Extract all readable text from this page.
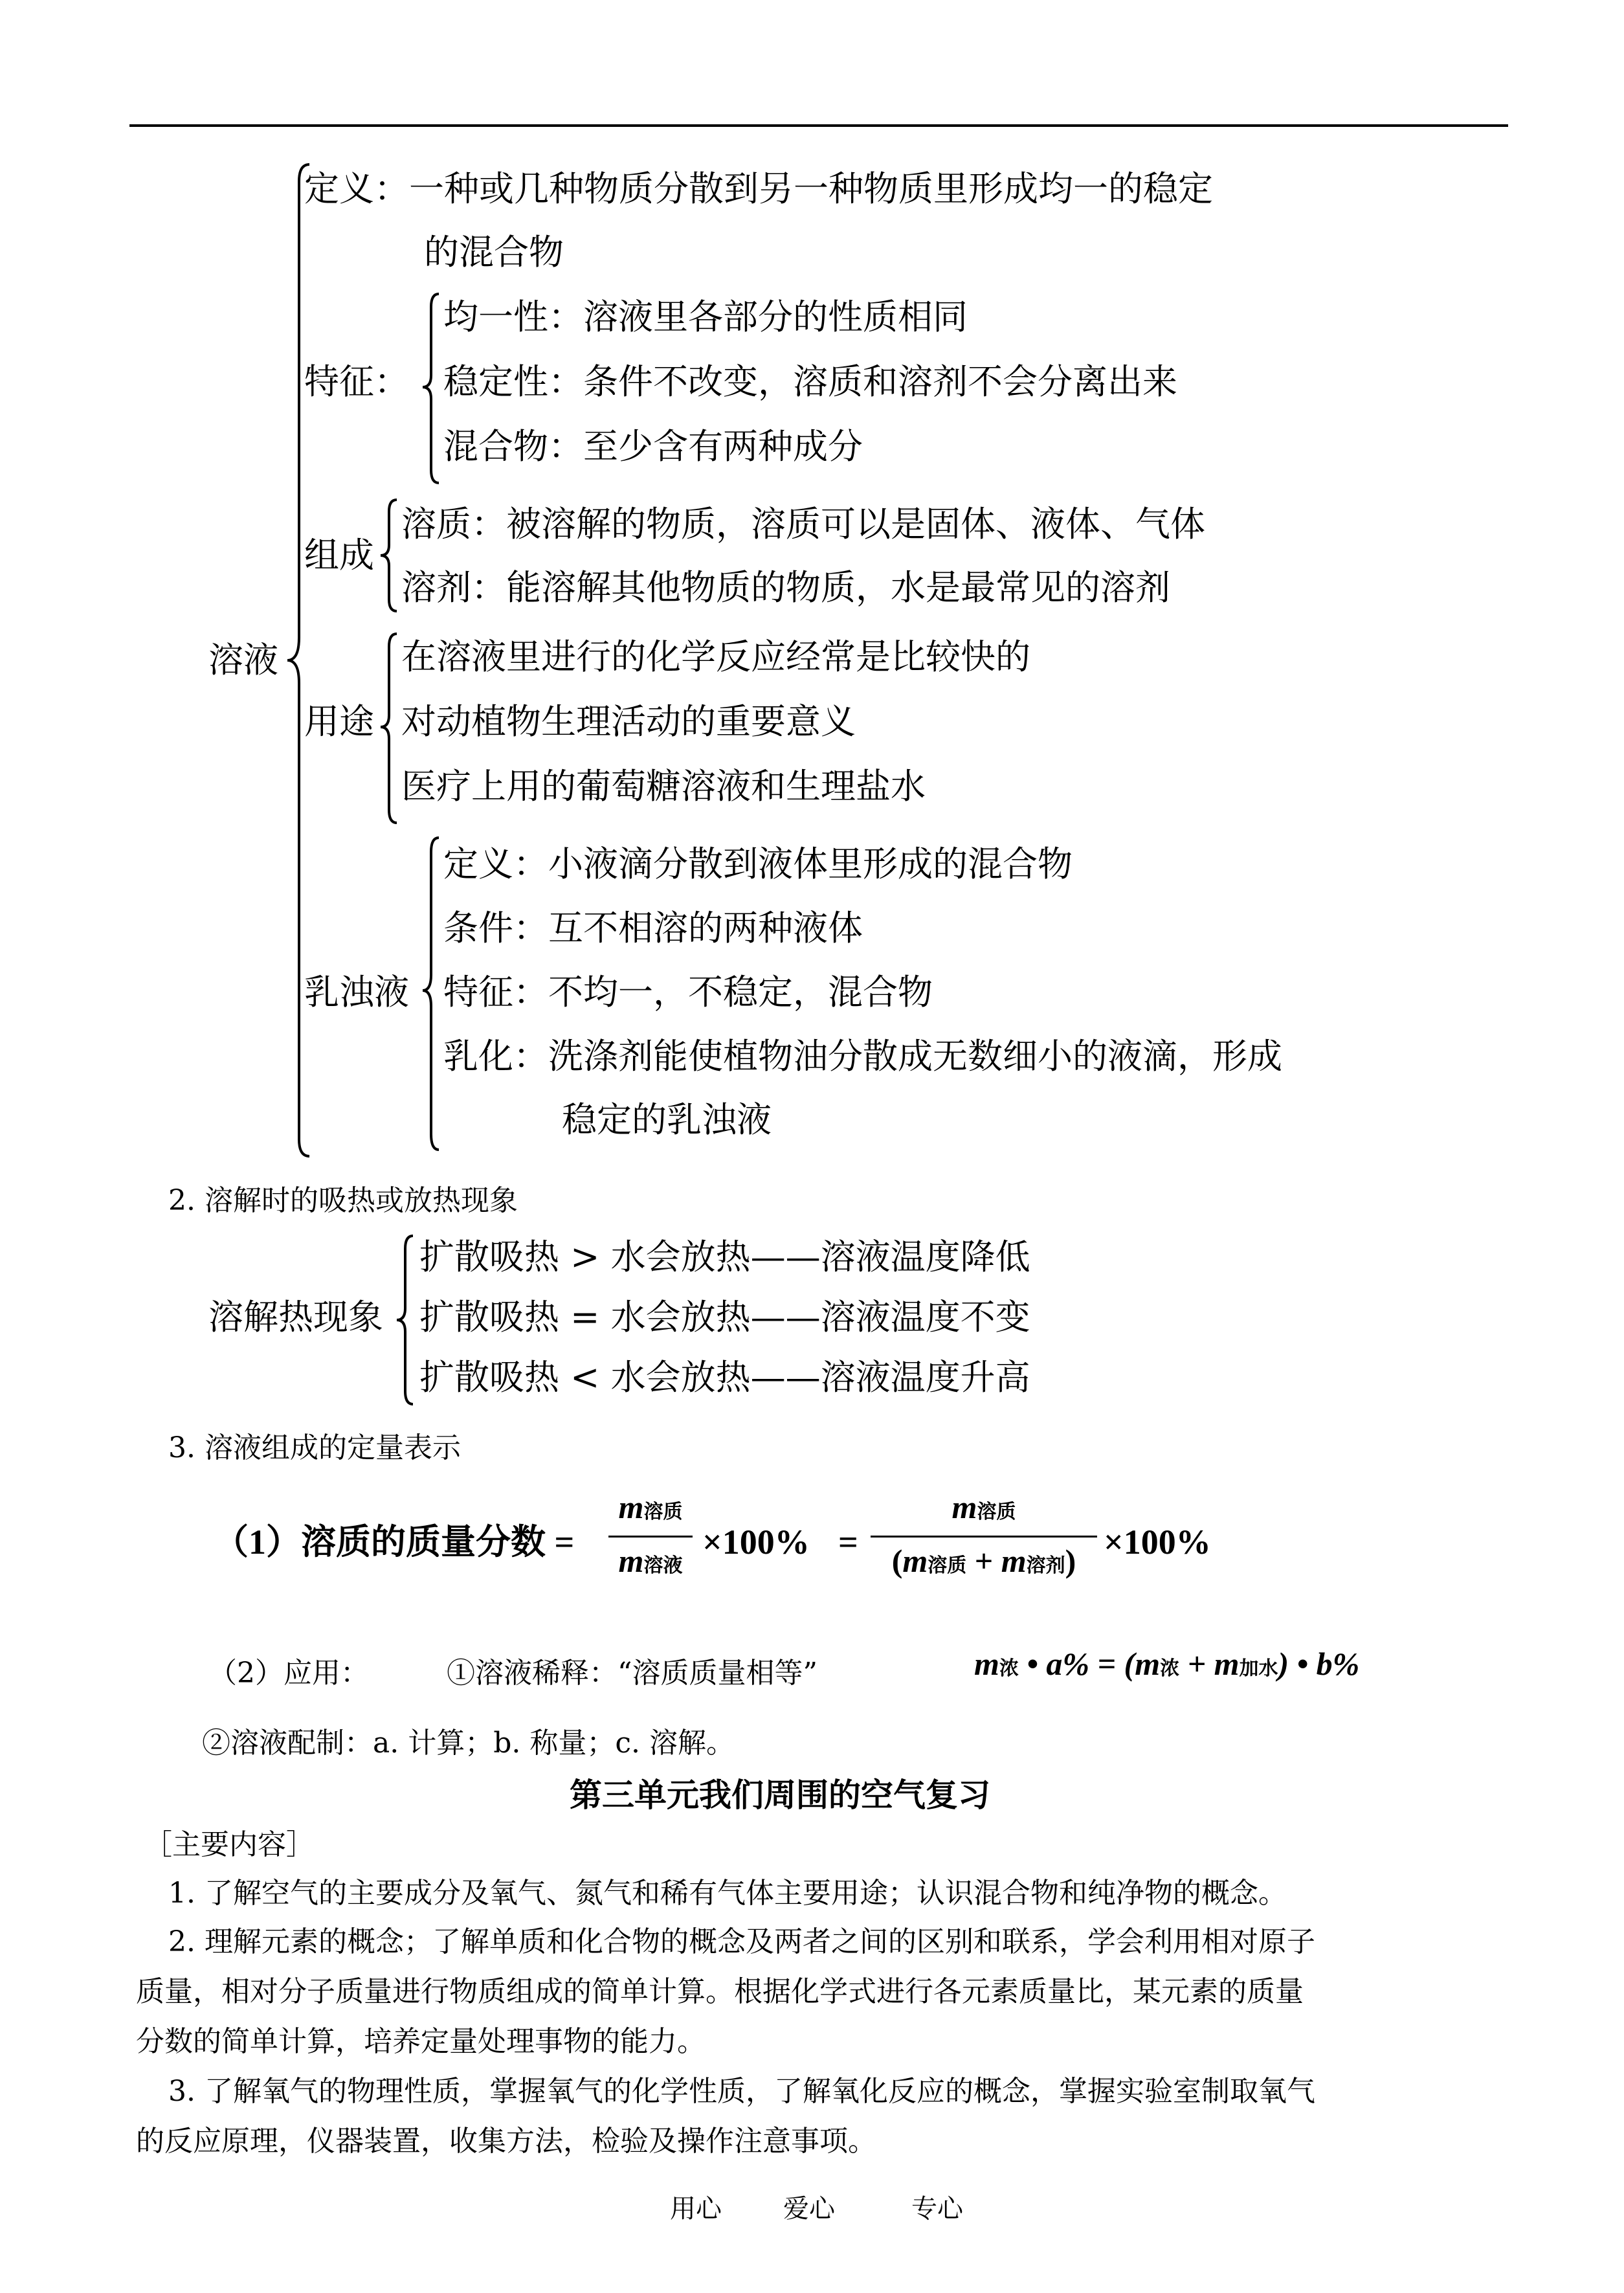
溶液
定义：一种或几种物质分散到另一种物质里形成均一的稳定
的混合物
特征：
均一性：溶液里各部分的性质相同
稳定性：条件不改变，溶质和溶剂不会分离出来
混合物：至少含有两种成分
组成
溶质：被溶解的物质，溶质可以是固体、液体、气体
溶剂：能溶解其他物质的物质，水是最常见的溶剂
用途
在溶液里进行的化学反应经常是比较快的
对动植物生理活动的重要意义
医疗上用的葡萄糖溶液和生理盐水
乳浊液
定义：小液滴分散到液体里形成的混合物
条件：互不相溶的两种液体
特征：不均一，不稳定，混合物
乳化：洗涤剂能使植物油分散成无数细小的液滴，形成
稳定的乳浊液
2. 溶解时的吸热或放热现象
溶解热现象
扩散吸热 > 水会放热——溶液温度降低
扩散吸热 = 水会放热——溶液温度不变
扩散吸热 < 水会放热——溶液温度升高
3. 溶液组成的定量表示
（1）溶质的质量分数 =
m溶质
m溶液
×100% =
m溶质
(m溶质 + m溶剂) ×100%
（2）应用：	①溶液稀释：“溶质质量相等”	m浓 • a% = (m浓 + m加水) • b%
②溶液配制：a. 计算；b. 称量；c. 溶解。
第三单元我们周围的空气复习
［主要内容］
1. 了解空气的主要成分及氧气、氮气和稀有气体主要用途；认识混合物和纯净物的概念。
2. 理解元素的概念；了解单质和化合物的概念及两者之间的区别和联系，学会利用相对原子
质量，相对分子质量进行物质组成的简单计算。根据化学式进行各元素质量比，某元素的质量
分数的简单计算，培养定量处理事物的能力。
3. 了解氧气的物理性质，掌握氧气的化学性质，了解氧化反应的概念，掌握实验室制取氧气
的反应原理，仪器装置，收集方法，检验及操作注意事项。
用心 爱心	专心
